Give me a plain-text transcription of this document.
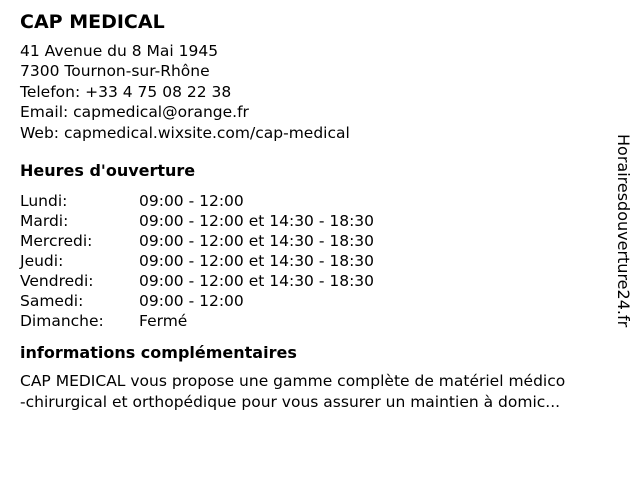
CAP MEDICAL
41 Avenue du 8 Mai 1945
7300 Tournon-sur-Rhône
Telefon: +33 4 75 08 22 38
Email: capmedical@orange.fr
Web: capmedical.wixsite.com/cap-medical
Heures d'ouverture
Lundi:	09:00 - 12:00
Mardi:	09:00 - 12:00 et 14:30 - 18:30
Mercredi:	09:00 - 12:00 et 14:30 - 18:30
Jeudi:	09:00 - 12:00 et 14:30 - 18:30
Vendredi:	09:00 - 12:00 et 14:30 - 18:30
Samedi:	09:00 - 12:00
Dimanche:	Fermé
informations complémentaires
CAP MEDICAL vous propose une gamme complète de matériel médico
-chirurgical et orthopédique pour vous assurer un maintien à domic...
Horairesdouverture24.fr
